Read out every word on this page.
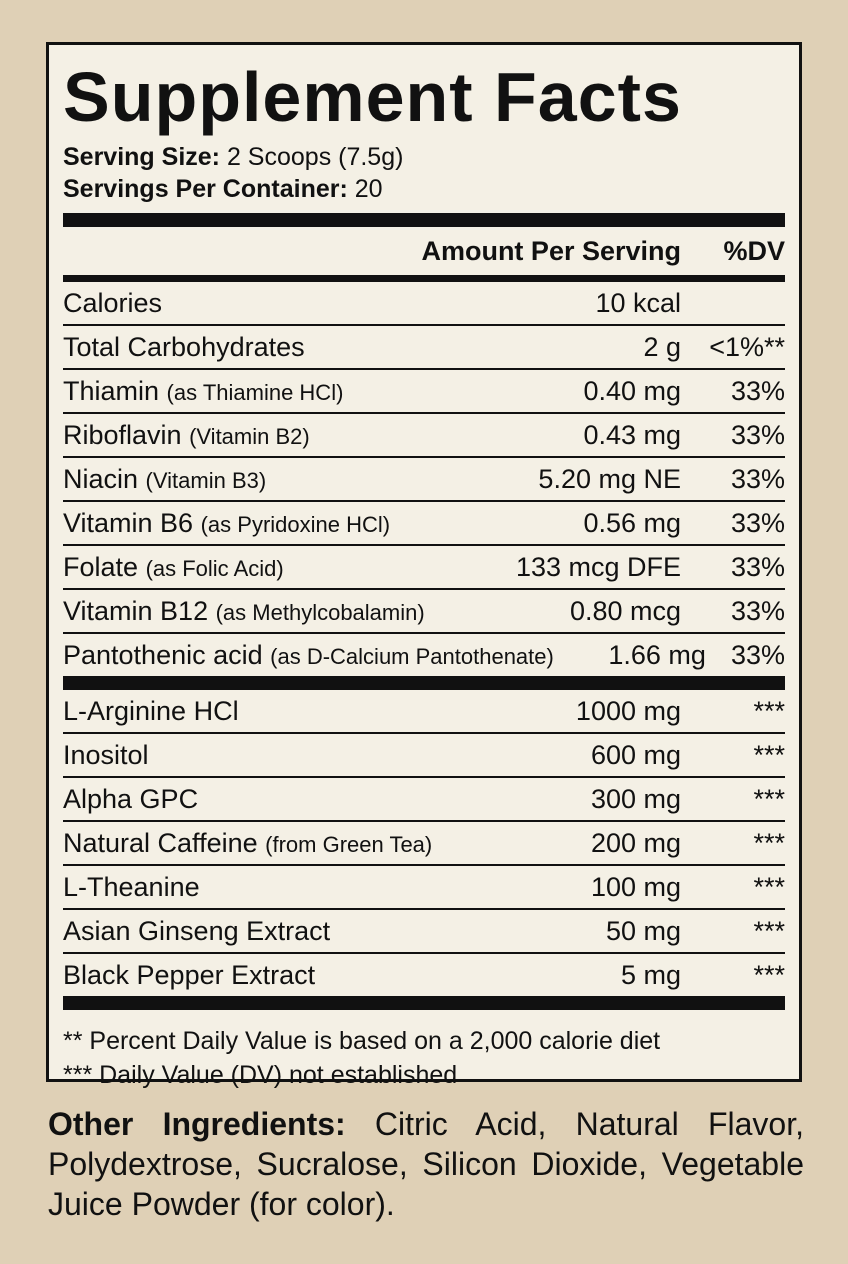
Supplement Facts
Serving Size: 2 Scoops (7.5g)
Servings Per Container: 20
Amount Per Serving	%DV
Calories	10 kcal
Total Carbohydrates	2 g	<1%**
Thiamin (as Thiamine HCl)	0.40 mg	33%
Riboflavin (Vitamin B2)	0.43 mg	33%
Niacin (Vitamin B3)	5.20 mg NE	33%
Vitamin B6 (as Pyridoxine HCl)	0.56 mg	33%
Folate (as Folic Acid)	133 mcg DFE	33%
Vitamin B12 (as Methylcobalamin)	0.80 mcg	33%
Pantothenic acid (as D-Calcium Pantothenate)	1.66 mg 33%
L-Arginine HCl	1000 mg	***
Inositol	600 mg	***
Alpha GPC	300 mg	***
Natural Caffeine (from Green Tea)	200 mg	***
L-Theanine	100 mg	***
Asian Ginseng Extract	50 mg	***
Black Pepper Extract	5 mg	***
** Percent Daily Value is based on a 2,000 calorie diet
*** Daily Value (DV) not established
Other Ingredients: Citric Acid, Natural Flavor, Polydextrose, Sucralose, Silicon Dioxide, Vegetable Juice Powder (for color).
